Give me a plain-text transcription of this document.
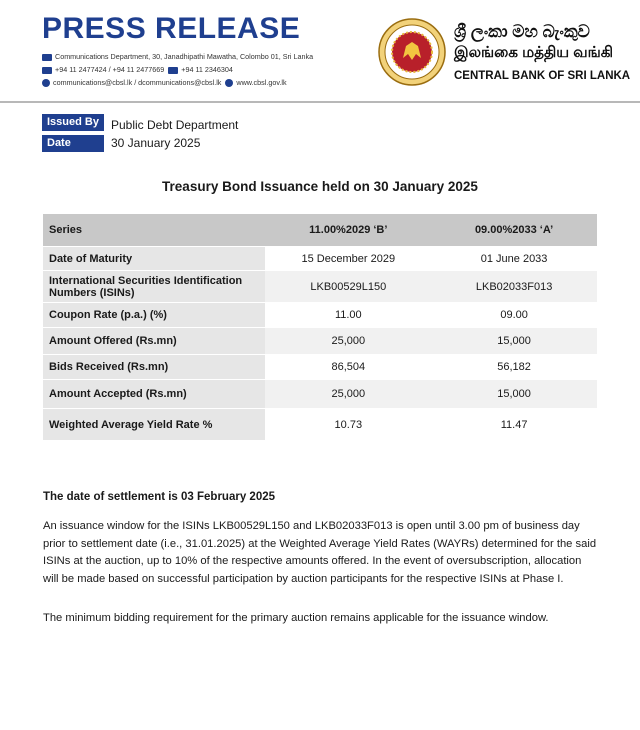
PRESS RELEASE
Communications Department, 30, Janadhipathi Mawatha, Colombo 01, Sri Lanka
+94 11 2477424 / +94 11 2477669 +94 11 2346304
communications@cbsl.lk / dcommunications@cbsl.lk www.cbsl.gov.lk
ශ්‍රී ලංකා මහ බැංකුව
இலங்கை மத்திய வங்கி
CENTRAL BANK OF SRI LANKA
Issued By	Public Debt Department
Date	30 January 2025
Treasury Bond Issuance held on 30 January 2025
Series	11.00%2029 ‘B’	09.00%2033 ‘A’
Date of Maturity	15 December 2029	01 June 2033
International Securities Identification Numbers (ISINs)	LKB00529L150	LKB02033F013
Coupon Rate (p.a.) (%)	11.00	09.00
Amount Offered (Rs.mn)	25,000	15,000
Bids Received (Rs.mn)	86,504	56,182
Amount Accepted (Rs.mn)	25,000	15,000
Weighted Average Yield Rate %	10.73	11.47
The date of settlement is 03 February 2025

An issuance window for the ISINs LKB00529L150 and LKB02033F013 is open until 3.00 pm of business day prior to settlement date (i.e., 31.01.2025) at the Weighted Average Yield Rates (WAYRs) determined for the said ISINs at the auction, up to 10% of the respective amounts offered. In the event of oversubscription, allocation will be made based on successful participation by auction participants for the respective ISINs at Phase I.

The minimum bidding requirement for the primary auction remains applicable for the issuance window.
